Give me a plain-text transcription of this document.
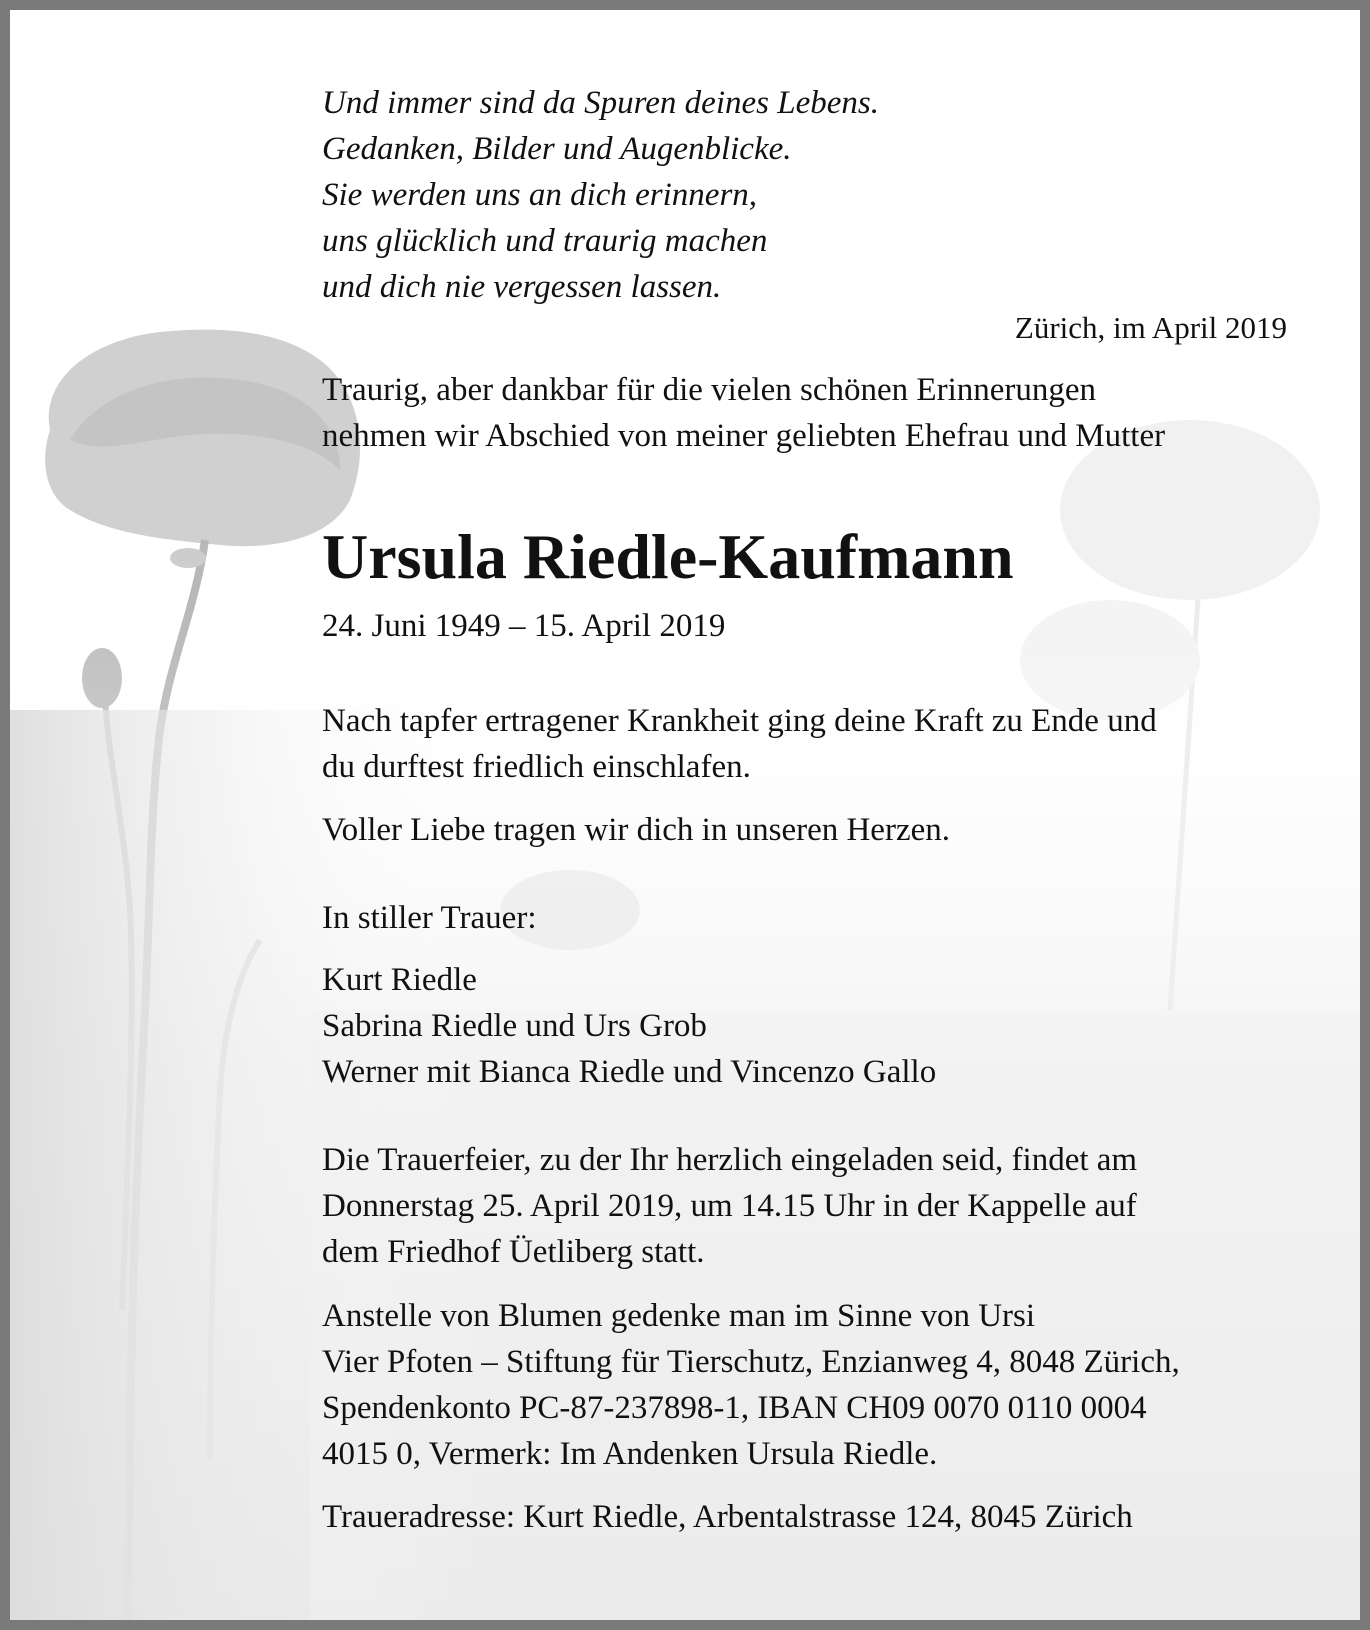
Und immer sind da Spuren deines Lebens.
Gedanken, Bilder und Augenblicke.
Sie werden uns an dich erinnern,
uns glücklich und traurig machen
und dich nie vergessen lassen.
Zürich, im April 2019
Traurig, aber dankbar für die vielen schönen Erinnerungen
nehmen wir Abschied von meiner geliebten Ehefrau und Mutter
Ursula Riedle-Kaufmann
24. Juni 1949 – 15. April 2019
Nach tapfer ertragener Krankheit ging deine Kraft zu Ende und
du durftest friedlich einschlafen.
Voller Liebe tragen wir dich in unseren Herzen.
In stiller Trauer:
Kurt Riedle
Sabrina Riedle und Urs Grob
Werner mit Bianca Riedle und Vincenzo Gallo
Die Trauerfeier, zu der Ihr herzlich eingeladen seid, findet am
Donnerstag 25. April 2019, um 14.15 Uhr in der Kappelle auf
dem Friedhof Üetliberg statt.
Anstelle von Blumen gedenke man im Sinne von Ursi
Vier Pfoten – Stiftung für Tierschutz, Enzianweg 4, 8048 Zürich,
Spendenkonto PC-87-237898-1, IBAN CH09 0070 0110 0004
4015 0, Vermerk: Im Andenken Ursula Riedle.
Traueradresse: Kurt Riedle, Arbentalstrasse 124, 8045 Zürich
